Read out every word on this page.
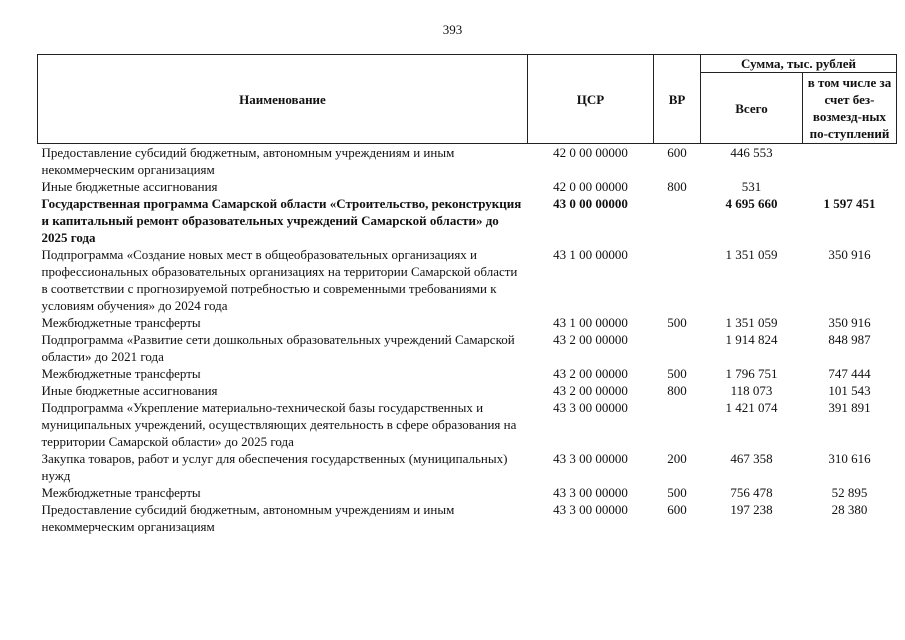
393
Наименование	ЦСР	ВР	Сумма, тыс. рублей	
			Всего	в том числе за счет без-возмезд-ных по-ступлений
Предоставление субсидий бюджетным, автономным учреждениям и иным некоммерческим организациям	42 0 00 00000	600	446 553	
Иные бюджетные ассигнования	42 0 00 00000	800	531	
Государственная программа Самарской области «Строительство, реконструкция и капитальный ремонт образовательных учреждений Самарской области» до 2025 года	43 0 00 00000		4 695 660	1 597 451
Подпрограмма «Создание новых мест в общеобразовательных организациях и профессиональных образовательных организациях на территории Самарской области в соответствии с прогнозируемой потребностью и современными требованиями к условиям обучения» до 2024 года	43 1 00 00000		1 351 059	350 916
Межбюджетные трансферты	43 1 00 00000	500	1 351 059	350 916
Подпрограмма «Развитие сети дошкольных образовательных учреждений Самарской области» до 2021 года	43 2 00 00000		1 914 824	848 987
Межбюджетные трансферты	43 2 00 00000	500	1 796 751	747 444
Иные бюджетные ассигнования	43 2 00 00000	800	118 073	101 543
Подпрограмма «Укрепление материально-технической базы государственных и муниципальных учреждений, осуществляющих деятельность в сфере образования на территории Самарской области» до 2025 года	43 3 00 00000		1 421 074	391 891
Закупка товаров, работ и услуг для обеспечения государственных (муниципальных) нужд	43 3 00 00000	200	467 358	310 616
Межбюджетные трансферты	43 3 00 00000	500	756 478	52 895
Предоставление субсидий бюджетным, автономным учреждениям и иным некоммерческим организациям	43 3 00 00000	600	197 238	28 380
